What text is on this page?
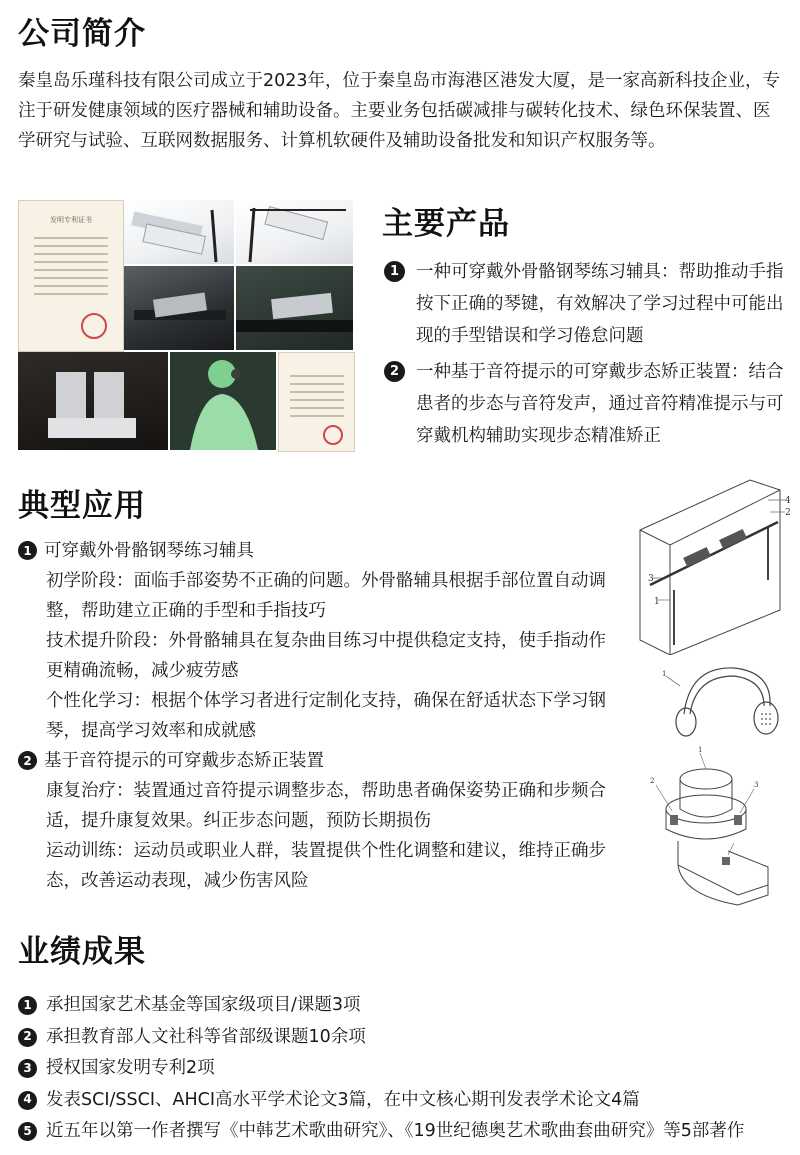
公司简介
秦皇岛乐瑾科技有限公司成立于2023年，位于秦皇岛市海港区港发大厦，是一家高新科技企业，专注于研发健康领域的医疗器械和辅助设备。主要业务包括碳减排与碳转化技术、绿色环保装置、医学研究与试验、互联网数据服务、计算机软硬件及辅助设备批发和知识产权服务等。
发明专利证书	主要产品
1 一种可穿戴外骨骼钢琴练习辅具：帮助推动手指按下正确的琴键，有效解决了学习过程中可能出现的手型错误和学习倦怠问题
2 一种基于音符提示的可穿戴步态矫正装置：结合患者的步态与音符发声，通过音符精准提示与可穿戴机构辅助实现步态精准矫正
典型应用
1 可穿戴外骨骼钢琴练习辅具
初学阶段：面临手部姿势不正确的问题。外骨骼辅具根据手部位置自动调整，帮助建立正确的手型和手指技巧
技术提升阶段：外骨骼辅具在复杂曲目练习中提供稳定支持，使手指动作更精确流畅，减少疲劳感
个性化学习：根据个体学习者进行定制化支持，确保在舒适状态下学习钢琴，提高学习效率和成就感
2 基于音符提示的可穿戴步态矫正装置
康复治疗：装置通过音符提示调整步态，帮助患者确保姿势正确和步频合适，提升康复效果。纠正步态问题，预防长期损伤
运动训练：运动员或职业人群，装置提供个性化调整和建议，维持正确步态，改善运动表现，减少伤害风险
4
2
3
1
1
1
2	3
业绩成果
1 承担国家艺术基金等国家级项目/课题3项
2 承担教育部人文社科等省部级课题10余项
3 授权国家发明专利2项
4 发表SCI/SSCI、AHCI高水平学术论文3篇，在中文核心期刊发表学术论文4篇
5 近五年以第一作者撰写《中韩艺术歌曲研究》、《19世纪德奥艺术歌曲套曲研究》等5部著作
